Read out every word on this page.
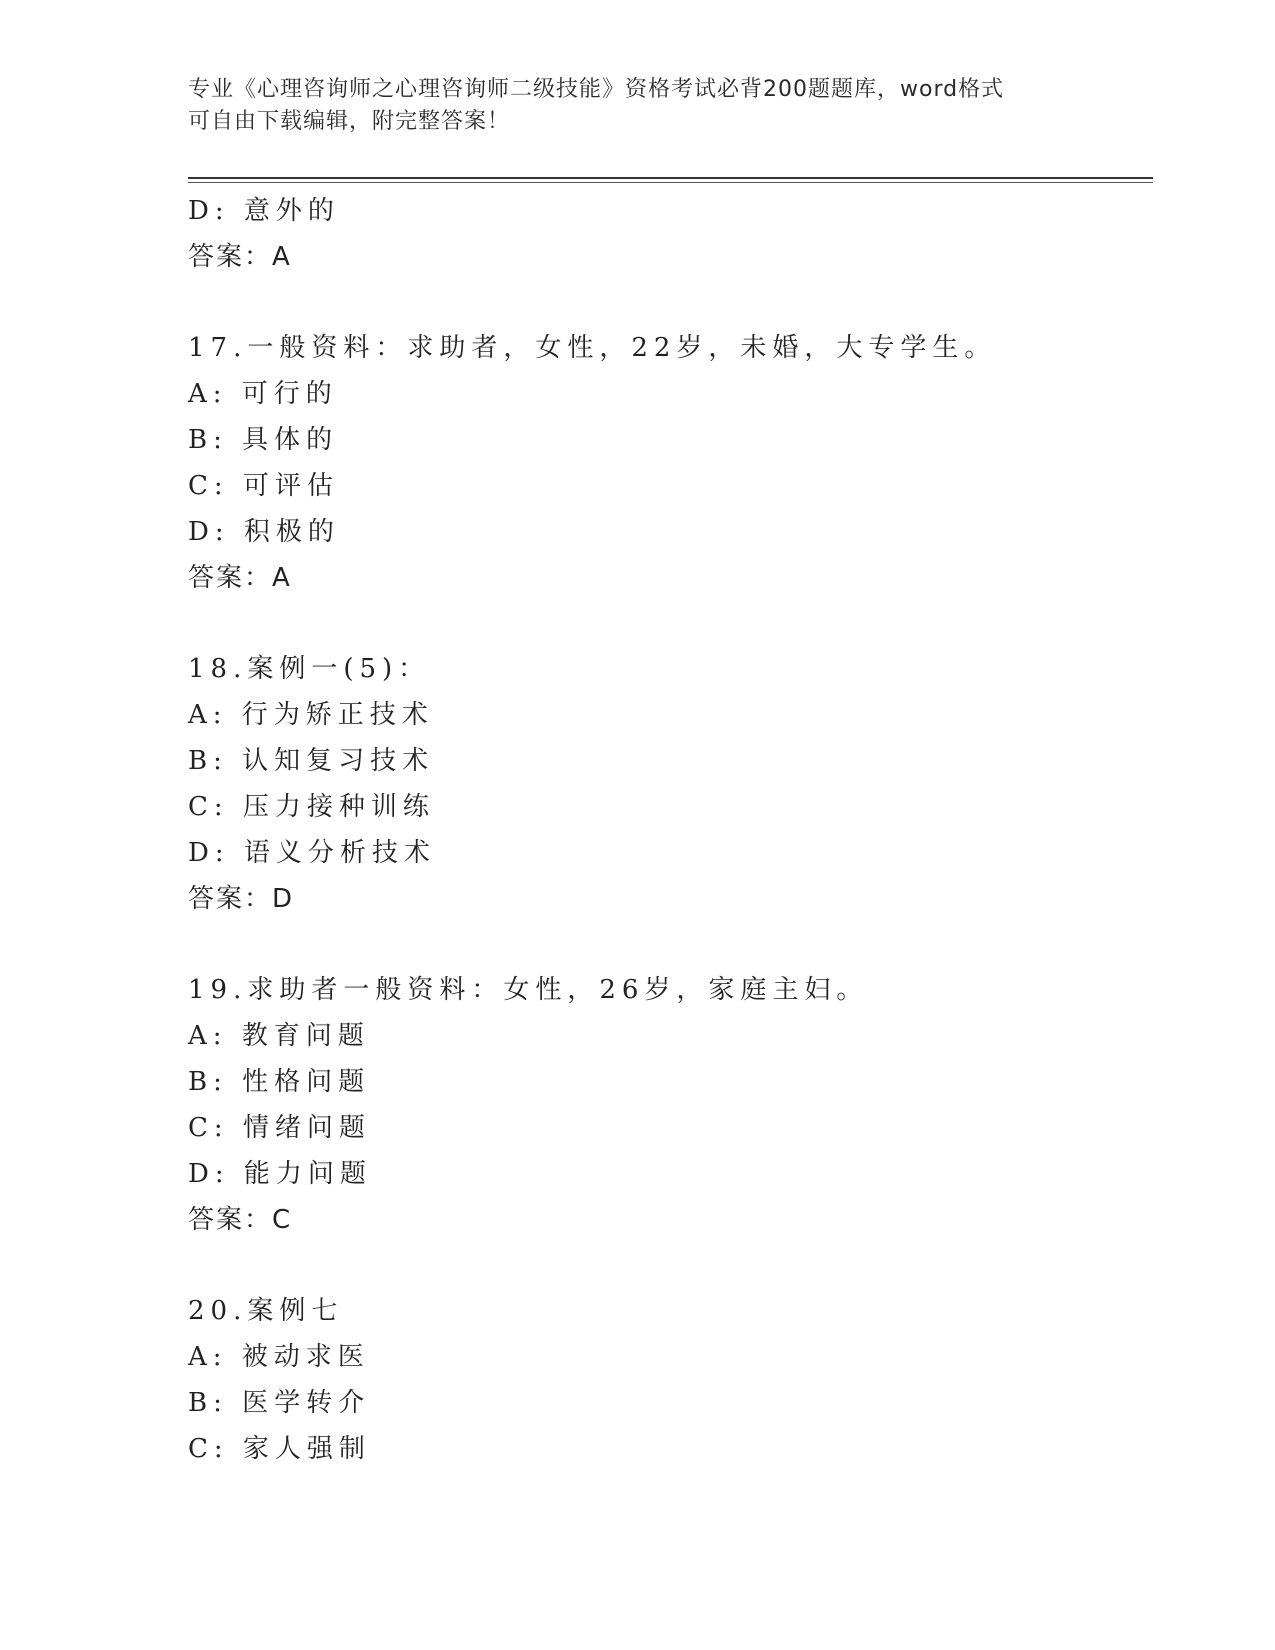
专业《心理咨询师之心理咨询师二级技能》资格考试必背200题题库，word格式
可自由下载编辑，附完整答案！
D: 意外的
答案：A
17.一般资料：求助者，女性，22岁，未婚，大专学生。
A: 可行的
B: 具体的
C: 可评估
D: 积极的
答案：A
18.案例一(5)：
A: 行为矫正技术
B: 认知复习技术
C: 压力接种训练
D: 语义分析技术
答案：D
19.求助者一般资料：女性，26岁，家庭主妇。
A: 教育问题
B: 性格问题
C: 情绪问题
D: 能力问题
答案：C
20.案例七
A: 被动求医
B: 医学转介
C: 家人强制
